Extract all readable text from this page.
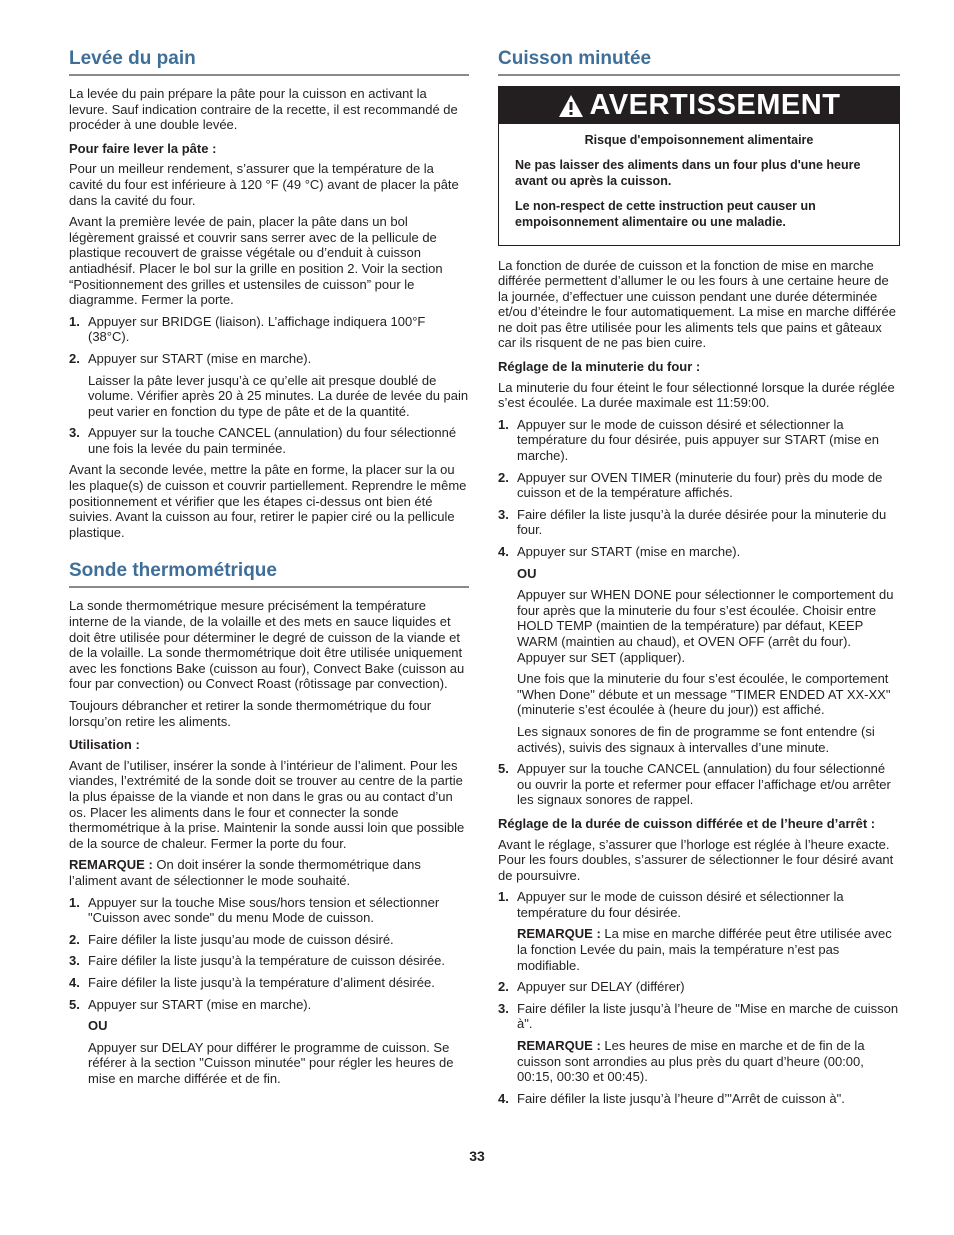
Levée du pain

La levée du pain prépare la pâte pour la cuisson en activant la levure. Sauf indication contraire de la recette, il est recommandé de procéder à une double levée.

Pour faire lever la pâte :

Pour un meilleur rendement, s’assurer que la température de la cavité du four est inférieure à 120 °F (49 °C) avant de placer la pâte dans la cavité du four.

Avant la première levée de pain, placer la pâte dans un bol légèrement graissé et couvrir sans serrer avec de la pellicule de plastique recouvert de graisse végétale ou d’enduit à cuisson antiadhésif. Placer le bol sur la grille en position 2. Voir la section “Positionnement des grilles et ustensiles de cuisson” pour le diagramme. Fermer la porte.

1. Appuyer sur BRIDGE (liaison). L’affichage indiquera 100°F (38°C).
2. Appuyer sur START (mise en marche).

Laisser la pâte lever jusqu’à ce qu’elle ait presque doublé de volume. Vérifier après 20 à 25 minutes. La durée de levée du pain peut varier en fonction du type de pâte et de la quantité.

3. Appuyer sur la touche CANCEL (annulation) du four sélectionné une fois la levée du pain terminée.

Avant la seconde levée, mettre la pâte en forme, la placer sur la ou les plaque(s) de cuisson et couvrir partiellement. Reprendre le même positionnement et vérifier que les étapes ci-dessus ont bien été suivies. Avant la cuisson au four, retirer le papier ciré ou la pellicule plastique.

Sonde thermométrique

La sonde thermométrique mesure précisément la température interne de la viande, de la volaille et des mets en sauce liquides et doit être utilisée pour déterminer le degré de cuisson de la viande et de la volaille. La sonde thermométrique doit être utilisée uniquement avec les fonctions Bake (cuisson au four), Convect Bake (cuisson au four par convection) ou Convect Roast (rôtissage par convection).

Toujours débrancher et retirer la sonde thermométrique du four lorsqu’on retire les aliments.

Utilisation :

Avant de l’utiliser, insérer la sonde à l’intérieur de l’aliment. Pour les viandes, l’extrémité de la sonde doit se trouver au centre de la partie la plus épaisse de la viande et non dans le gras ou au contact d’un os. Placer les aliments dans le four et connecter la sonde thermométrique à la prise. Maintenir la sonde aussi loin que possible de la source de chaleur. Fermer la porte du four.

REMARQUE : On doit insérer la sonde thermométrique dans l’aliment avant de sélectionner le mode souhaité.

1. Appuyer sur la touche Mise sous/hors tension et sélectionner "Cuisson avec sonde" du menu Mode de cuisson.
2. Faire défiler la liste jusqu’au mode de cuisson désiré.
3. Faire défiler la liste jusqu’à la température de cuisson désirée.
4. Faire défiler la liste jusqu’à la température d’aliment désirée.
5. Appuyer sur START (mise en marche).

OU

Appuyer sur DELAY pour différer le programme de cuisson. Se référer à la section "Cuisson minutée" pour régler les heures de mise en marche différée et de fin.

Cuisson minutée
AVERTISSEMENT

Risque d'empoisonnement alimentaire

Ne pas laisser des aliments dans un four plus d'une heure avant ou après la cuisson.

Le non-respect de cette instruction peut causer un empoisonnement alimentaire ou une maladie.

La fonction de durée de cuisson et la fonction de mise en marche différée permettent d’allumer le ou les fours à une certaine heure de la journée, d’effectuer une cuisson pendant une durée déterminée et/ou d’éteindre le four automatiquement. La mise en marche différée ne doit pas être utilisée pour les aliments tels que pains et gâteaux car ils risquent de ne pas bien cuire.

Réglage de la minuterie du four :

La minuterie du four éteint le four sélectionné lorsque la durée réglée s’est écoulée. La durée maximale est 11:59:00.

1. Appuyer sur le mode de cuisson désiré et sélectionner la température du four désirée, puis appuyer sur START (mise en marche).
2. Appuyer sur OVEN TIMER (minuterie du four) près du mode de cuisson et de la température affichés.
3. Faire défiler la liste jusqu’à la durée désirée pour la minuterie du four.
4. Appuyer sur START (mise en marche).

OU

Appuyer sur WHEN DONE pour sélectionner le comportement du four après que la minuterie du four s’est écoulée. Choisir entre HOLD TEMP (maintien de la température) par défaut, KEEP WARM (maintien au chaud), et OVEN OFF (arrêt du four). Appuyer sur SET (appliquer).

Une fois que la minuterie du four s’est écoulée, le comportement "When Done" débute et un message "TIMER ENDED AT XX-XX" (minuterie s’est écoulée à (heure du jour)) est affiché.

Les signaux sonores de fin de programme se font entendre (si activés), suivis des signaux à intervalles d’une minute.

5. Appuyer sur la touche CANCEL (annulation) du four sélectionné ou ouvrir la porte et refermer pour effacer l’affichage et/ou arrêter les signaux sonores de rappel.
Réglage de la durée de cuisson différée et de l’heure d’arrêt :

Avant le réglage, s’assurer que l’horloge est réglée à l’heure exacte. Pour les fours doubles, s’assurer de sélectionner le four désiré avant de poursuivre.

1. Appuyer sur le mode de cuisson désiré et sélectionner la température du four désirée.

REMARQUE : La mise en marche différée peut être utilisée avec la fonction Levée du pain, mais la température n’est pas modifiable.

2. Appuyer sur DELAY (différer)
3. Faire défiler la liste jusqu’à l’heure de "Mise en marche de cuisson à".

REMARQUE : Les heures de mise en marche et de fin de la cuisson sont arrondies au plus près du quart d’heure (00:00, 00:15, 00:30 et 00:45).

4. Faire défiler la liste jusqu’à l’heure d’"Arrêt de cuisson à".
33
